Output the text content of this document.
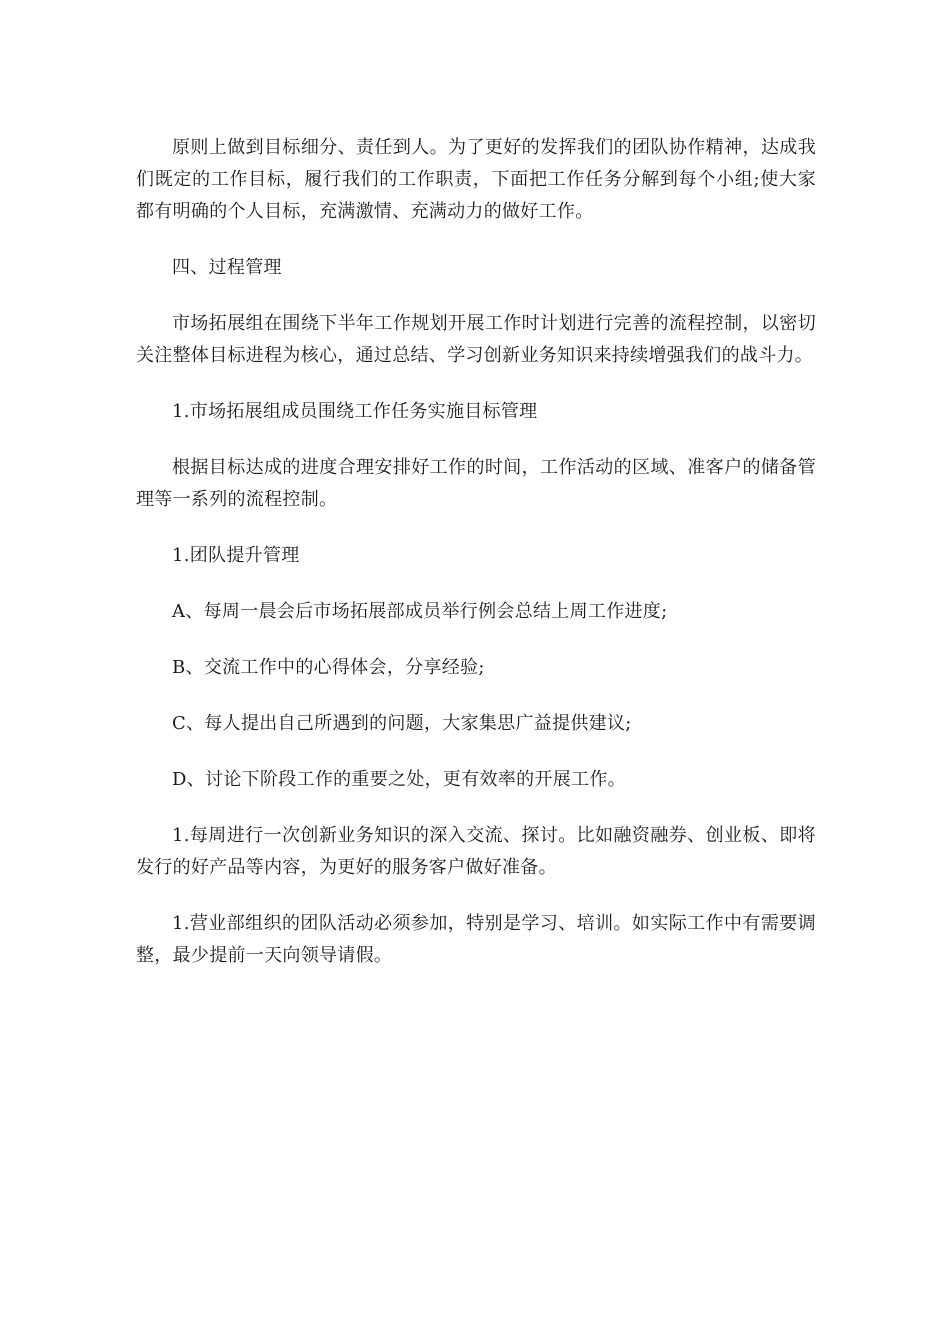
原则上做到目标细分、责任到人。为了更好的发挥我们的团队协作精神，达成我们既定的工作目标，履行我们的工作职责，下面把工作任务分解到每个小组;使大家都有明确的个人目标，充满激情、充满动力的做好工作。

四、过程管理

市场拓展组在围绕下半年工作规划开展工作时计划进行完善的流程控制，以密切关注整体目标进程为核心，通过总结、学习创新业务知识来持续增强我们的战斗力。

1.市场拓展组成员围绕工作任务实施目标管理

根据目标达成的进度合理安排好工作的时间，工作活动的区域、准客户的储备管理等一系列的流程控制。

1.团队提升管理

A、每周一晨会后市场拓展部成员举行例会总结上周工作进度;

B、交流工作中的心得体会，分享经验;

C、每人提出自己所遇到的问题，大家集思广益提供建议;

D、讨论下阶段工作的重要之处，更有效率的开展工作。

1.每周进行一次创新业务知识的深入交流、探讨。比如融资融券、创业板、即将发行的好产品等内容，为更好的服务客户做好准备。

1.营业部组织的团队活动必须参加，特别是学习、培训。如实际工作中有需要调整，最少提前一天向领导请假。
